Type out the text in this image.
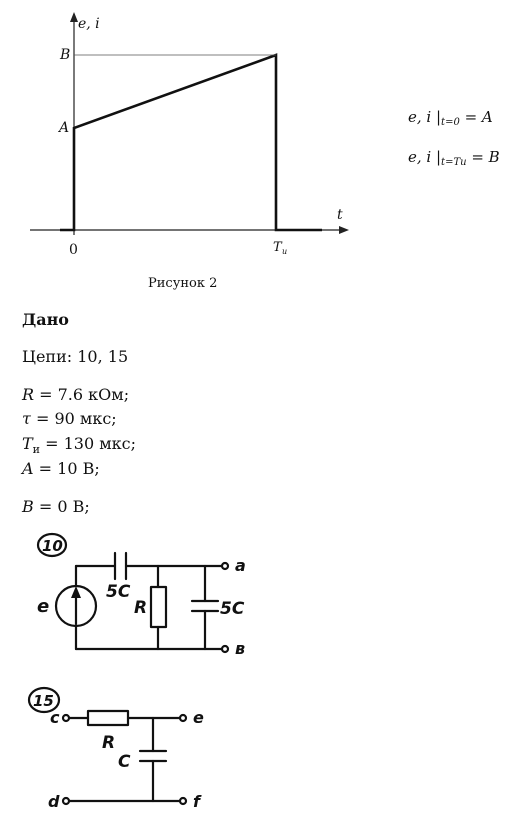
e, i
t
B
A
0	T u
Рисунок 2
e, i $|_{t=0} = A$
e, i $|_{t=Tu} = B$
Дано
Цепи: 10, 15
R = 7.6 кОм;
τ = 90 мкс;
$T_и = 130$ мкс;
A = 10 В;
B = 0 В;
10
5C
e	R	5C
a
в
15
R
C
c
d
e
f
